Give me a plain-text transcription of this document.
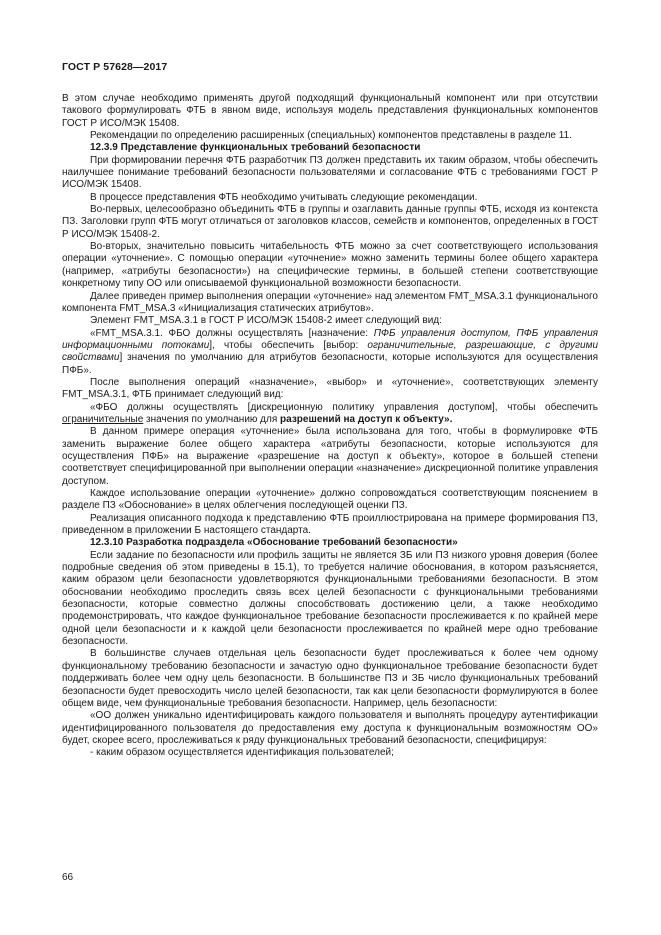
ГОСТ Р 57628—2017

В этом случае необходимо применять другой подходящий функциональный компонент или при отсутствии такового формулировать ФТБ в явном виде, используя модель представления функциональных компонентов ГОСТ Р ИСО/МЭК 15408.

Рекомендации по определению расширенных (специальных) компонентов представлены в разделе 11.

12.3.9 Представление функциональных требований безопасности

При формировании перечня ФТБ разработчик ПЗ должен представить их таким образом, чтобы обеспечить наилучшее понимание требований безопасности пользователями и согласование ФТБ с требованиями ГОСТ Р ИСО/МЭК 15408.

В процессе представления ФТБ необходимо учитывать следующие рекомендации.

Во-первых, целесообразно объединить ФТБ в группы и озаглавить данные группы ФТБ, исходя из контекста ПЗ. Заголовки групп ФТБ могут отличаться от заголовков классов, семейств и компонентов, определенных в ГОСТ Р ИСО/МЭК 15408-2.

Во-вторых, значительно повысить читабельность ФТБ можно за счет соответствующего использования операции «уточнение». С помощью операции «уточнение» можно заменить термины более общего характера (например, «атрибуты безопасности») на специфические термины, в большей степени соответствующие конкретному типу ОО или описываемой функциональной возможности безопасности.

Далее приведен пример выполнения операции «уточнение» над элементом FMT_MSA.3.1 функционального компонента FMT_MSA.3 «Инициализация статических атрибутов».

Элемент FMT_MSA.3.1 в ГОСТ Р ИСО/МЭК 15408-2 имеет следующий вид:

«FMT_MSA.3.1. ФБО должны осуществлять [назначение: ПФБ управления доступом, ПФБ управления информационными потоками], чтобы обеспечить [выбор: ограничительные, разрешающие, с другими свойствами] значения по умолчанию для атрибутов безопасности, которые используются для осуществления ПФБ».

После выполнения операций «назначение», «выбор» и «уточнение», соответствующих элементу FMT_MSA.3.1, ФТБ принимает следующий вид:

«ФБО должны осуществлять [дискреционную политику управления доступом], чтобы обеспечить ограничительные значения по умолчанию для разрешений на доступ к объекту».

В данном примере операция «уточнение» была использована для того, чтобы в формулировке ФТБ заменить выражение более общего характера «атрибуты безопасности, которые используются для осуществления ПФБ» на выражение «разрешение на доступ к объекту», которое в большей степени соответствует специфицированной при выполнении операции «назначение» дискреционной политике управления доступом.

Каждое использование операции «уточнение» должно сопровождаться соответствующим пояснением в разделе ПЗ «Обоснование» в целях облегчения последующей оценки ПЗ.

Реализация описанного подхода к представлению ФТБ проиллюстрирована на примере формирования ПЗ, приведенном в приложении Б настоящего стандарта.

12.3.10 Разработка подраздела «Обоснование требований безопасности»

Если задание по безопасности или профиль защиты не является ЗБ или ПЗ низкого уровня доверия (более подробные сведения об этом приведены в 15.1), то требуется наличие обоснования, в котором разъясняется, каким образом цели безопасности удовлетворяются функциональными требованиями безопасности. В этом обосновании необходимо проследить связь всех целей безопасности с функциональными требованиями безопасности, которые совместно должны способствовать достижению цели, а также необходимо продемонстрировать, что каждое функциональное требование безопасности прослеживается к по крайней мере одной цели безопасности и к каждой цели безопасности прослеживается по крайней мере одно требование безопасности.

В большинстве случаев отдельная цель безопасности будет прослеживаться к более чем одному функциональному требованию безопасности и зачастую одно функциональное требование безопасности будет поддерживать более чем одну цель безопасности. В большинстве ПЗ и ЗБ число функциональных требований безопасности будет превосходить число целей безопасности, так как цели безопасности формулируются в более общем виде, чем функциональные требования безопасности. Например, цель безопасности:

«ОО должен уникально идентифицировать каждого пользователя и выполнять процедуру аутентификации идентифицированного пользователя до предоставления ему доступа к функциональным возможностям ОО» будет, скорее всего, прослеживаться к ряду функциональных требований безопасности, специфицируя:

- каким образом осуществляется идентификация пользователей;

66
